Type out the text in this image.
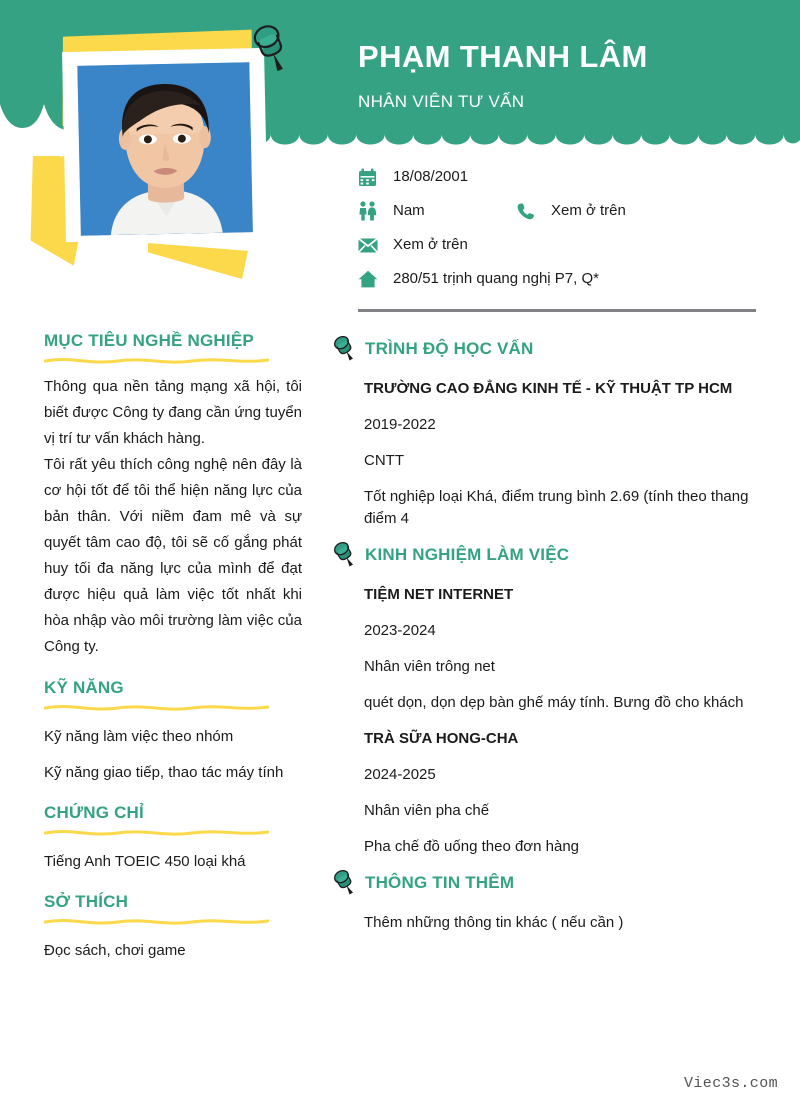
PHẠM THANH LÂM
NHÂN VIÊN TƯ VẤN
18/08/2001
Nam	Xem ở trên
Xem ở trên
280/51 trịnh quang nghị P7, Q*
MỤC TIÊU NGHỀ NGHIỆP
Thông qua nền tảng mạng xã hội, tôi biết được Công ty đang cần ứng tuyển vị trí tư vấn khách hàng.
Tôi rất yêu thích công nghệ nên đây là cơ hội tốt để tôi thể hiện năng lực của bản thân. Với niềm đam mê và sự quyết tâm cao độ, tôi sẽ cố gắng phát huy tối đa năng lực của mình để đạt được hiệu quả làm việc tốt nhất khi hòa nhập vào môi trường làm việc của Công ty.
KỸ NĂNG
Kỹ năng làm việc theo nhóm
Kỹ năng giao tiếp, thao tác máy tính
CHỨNG CHỈ
Tiếng Anh TOEIC 450 loại khá
SỞ THÍCH
Đọc sách, chơi game
TRÌNH ĐỘ HỌC VẤN
TRƯỜNG CAO ĐẲNG KINH TẾ - KỸ THUẬT TP HCM
2019-2022
CNTT
Tốt nghiệp loại Khá, điểm trung bình 2.69 (tính theo thang điểm 4
KINH NGHIỆM LÀM VIỆC
TIỆM NET INTERNET
2023-2024
Nhân viên trông net
quét dọn, dọn dẹp bàn ghế máy tính. Bưng đồ cho khách
TRÀ SỮA HONG-CHA
2024-2025
Nhân viên pha chế
Pha chế đồ uống theo đơn hàng
THÔNG TIN THÊM
Thêm những thông tin khác ( nếu cần )
Viec3s.com
